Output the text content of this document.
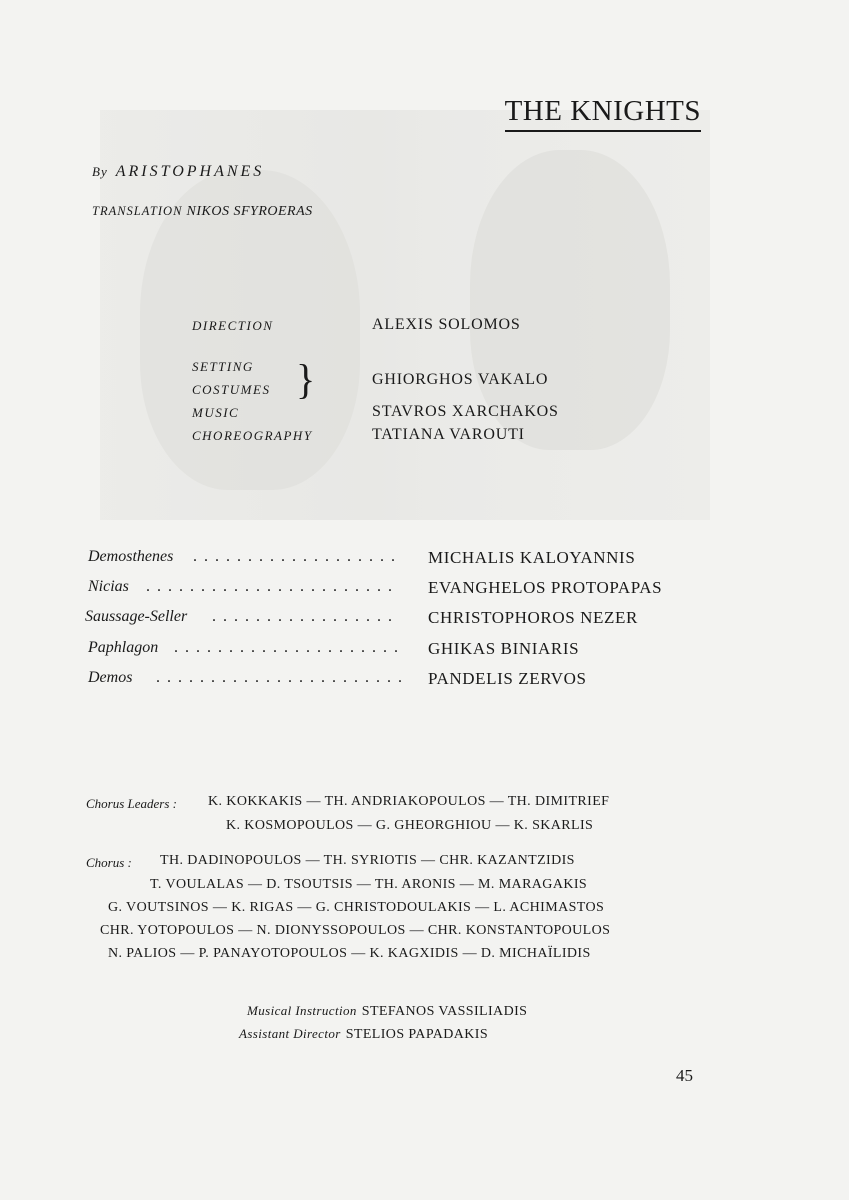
THE KNIGHTS
By ARISTOPHANES
TRANSLATION NIKOS SFYROERAS
DIRECTION	ALEXIS SOLOMOS
SETTING
COSTUMES }	GHIORGHOS VAKALO
MUSIC	STAVROS XARCHAKOS
CHOREOGRAPHY	TATIANA VAROUTI
Demosthenes . . . . . . . . . . . . . . . . . . . MICHALIS KALOYANNIS
Nicias . . . . . . . . . . . . . . . . . . . . . . . EVANGHELOS PROTOPAPAS
Saussage-Seller . . . . . . . . . . . . . . . . . CHRISTOPHOROS NEZER
Paphlagon . . . . . . . . . . . . . . . . . . . . . GHIKAS BINIARIS
Demos . . . . . . . . . . . . . . . . . . . . . . . PANDELIS ZERVOS
Chorus Leaders : K. KOKKAKIS — TH. ANDRIAKOPOULOS — TH. DIMITRIEF
K. KOSMOPOULOS — G. GHEORGHIOU — K. SKARLIS
Chorus : TH. DADINOPOULOS — TH. SYRIOTIS — CHR. KAZANTZIDIS
T. VOULALAS — D. TSOUTSIS — TH. ARONIS — M. MARAGAKIS
G. VOUTSINOS — K. RIGAS — G. CHRISTODOULAKIS — L. ACHIMASTOS
CHR. YOTOPOULOS — N. DIONYSSOPOULOS — CHR. KONSTANTOPOULOS
N. PALIOS — P. PANAYOTOPOULOS — K. KAGXIDIS — D. MICHAÏLIDIS
Musical Instruction STEFANOS VASSILIADIS
Assistant Director STELIOS PAPADAKIS
45
